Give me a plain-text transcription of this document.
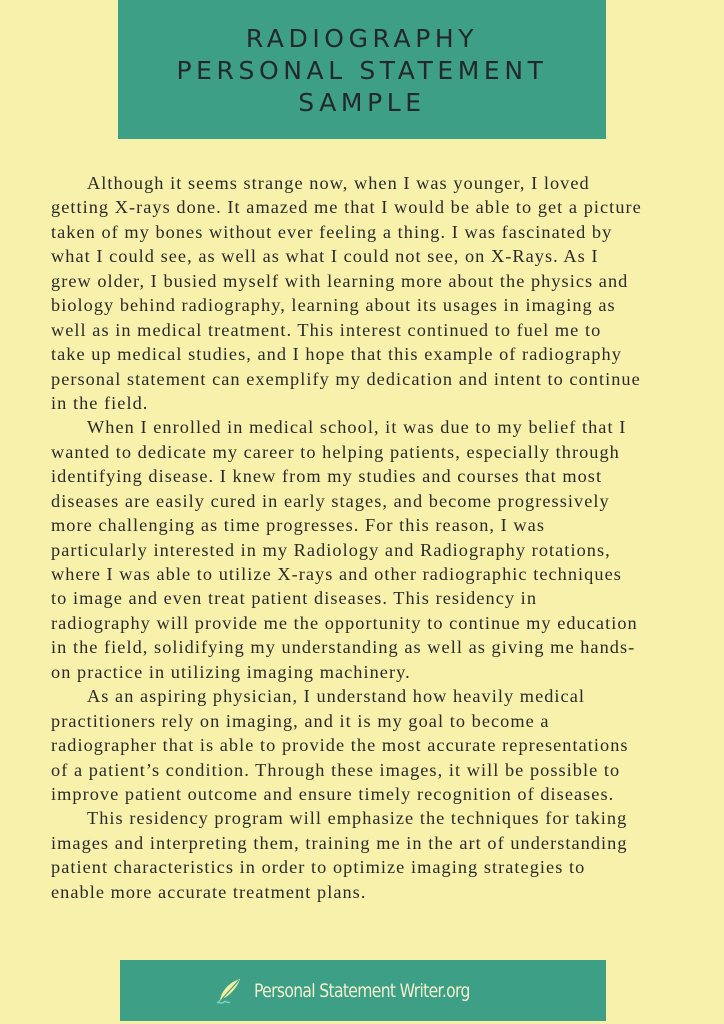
RADIOGRAPHY
PERSONAL STATEMENT
SAMPLE
Although it seems strange now, when I was younger, I loved
getting X-rays done. It amazed me that I would be able to get a picture
taken of my bones without ever feeling a thing. I was fascinated by
what I could see, as well as what I could not see, on X-Rays. As I
grew older, I busied myself with learning more about the physics and
biology behind radiography, learning about its usages in imaging as
well as in medical treatment. This interest continued to fuel me to
take up medical studies, and I hope that this example of radiography
personal statement can exemplify my dedication and intent to continue
in the field.
When I enrolled in medical school, it was due to my belief that I
wanted to dedicate my career to helping patients, especially through
identifying disease. I knew from my studies and courses that most
diseases are easily cured in early stages, and become progressively
more challenging as time progresses. For this reason, I was
particularly interested in my Radiology and Radiography rotations,
where I was able to utilize X-rays and other radiographic techniques
to image and even treat patient diseases. This residency in
radiography will provide me the opportunity to continue my education
in the field, solidifying my understanding as well as giving me hands-
on practice in utilizing imaging machinery.
As an aspiring physician, I understand how heavily medical
practitioners rely on imaging, and it is my goal to become a
radiographer that is able to provide the most accurate representations
of a patient’s condition. Through these images, it will be possible to
improve patient outcome and ensure timely recognition of diseases.
This residency program will emphasize the techniques for taking
images and interpreting them, training me in the art of understanding
patient characteristics in order to optimize imaging strategies to
enable more accurate treatment plans.
Personal Statement Writer.org
